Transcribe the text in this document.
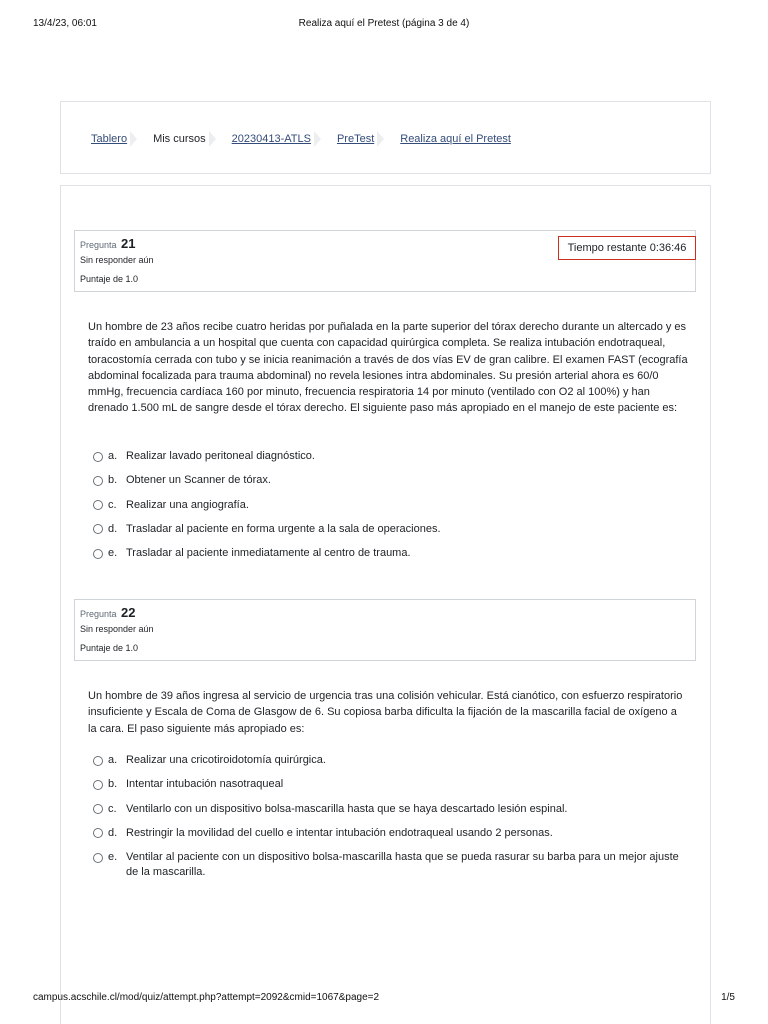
13/4/23, 06:01	Realiza aquí el Pretest (página 3 de 4)
Tablero Mis cursos 20230413-ATLS PreTest Realiza aquí el Pretest
Pregunta 21
Sin responder aún
Puntaje de 1.0
Tiempo restante 0:36:46
Un hombre de 23 años recibe cuatro heridas por puñalada en la parte superior del tórax derecho durante un altercado y es traído en ambulancia a un hospital que cuenta con capacidad quirúrgica completa. Se realiza intubación endotraqueal, toracostomía cerrada con tubo y se inicia reanimación a través de dos vías EV de gran calibre. El examen FAST (ecografía abdominal focalizada para trauma abdominal) no revela lesiones intra abdominales. Su presión arterial ahora es 60/0 mmHg, frecuencia cardíaca 160 por minuto, frecuencia respiratoria 14 por minuto (ventilado con O2 al 100%) y han drenado 1.500 mL de sangre desde el tórax derecho. El siguiente paso más apropiado en el manejo de este paciente es:
a. Realizar lavado peritoneal diagnóstico.
b. Obtener un Scanner de tórax.
c. Realizar una angiografía.
d. Trasladar al paciente en forma urgente a la sala de operaciones.
e. Trasladar al paciente inmediatamente al centro de trauma.
Pregunta 22
Sin responder aún
Puntaje de 1.0
Un hombre de 39 años ingresa al servicio de urgencia tras una colisión vehicular. Está cianótico, con esfuerzo respiratorio insuficiente y Escala de Coma de Glasgow de 6. Su copiosa barba dificulta la fijación de la mascarilla facial de oxígeno a la cara. El paso siguiente más apropiado es:
a. Realizar una cricotiroidotomía quirúrgica.
b. Intentar intubación nasotraqueal
c. Ventilarlo con un dispositivo bolsa-mascarilla hasta que se haya descartado lesión espinal.
d. Restringir la movilidad del cuello e intentar intubación endotraqueal usando 2 personas.
e. Ventilar al paciente con un dispositivo bolsa-mascarilla hasta que se pueda rasurar su barba para un mejor ajuste de la mascarilla.
campus.acschile.cl/mod/quiz/attempt.php?attempt=2092&cmid=1067&page=2	1/5
